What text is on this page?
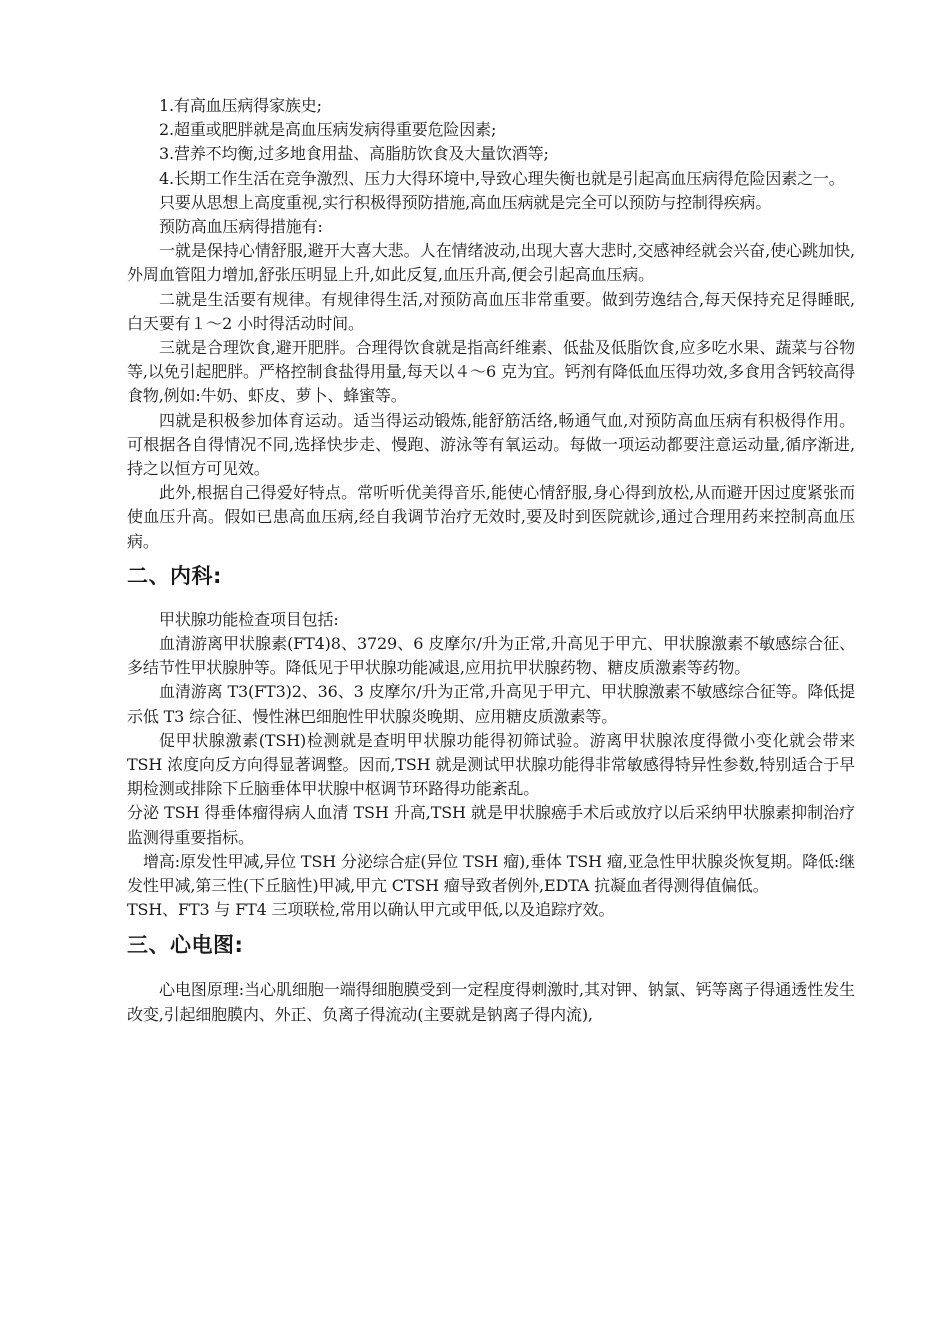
1.有高血压病得家族史;

2.超重或肥胖就是高血压病发病得重要危险因素;

3.营养不均衡,过多地食用盐、高脂肪饮食及大量饮酒等;

4.长期工作生活在竞争激烈、压力大得环境中,导致心理失衡也就是引起高血压病得危险因素之一。

只要从思想上高度重视,实行积极得预防措施,高血压病就是完全可以预防与控制得疾病。

预防高血压病得措施有:

一就是保持心情舒服,避开大喜大悲。人在情绪波动,出现大喜大悲时,交感神经就会兴奋,使心跳加快,外周血管阻力增加,舒张压明显上升,如此反复,血压升高,便会引起高血压病。

二就是生活要有规律。有规律得生活,对预防高血压非常重要。做到劳逸结合,每天保持充足得睡眠,白天要有１～2 小时得活动时间。

三就是合理饮食,避开肥胖。合理得饮食就是指高纤维素、低盐及低脂饮食,应多吃水果、蔬菜与谷物等,以免引起肥胖。严格控制食盐得用量,每天以４～6 克为宜。钙剂有降低血压得功效,多食用含钙较高得食物,例如:牛奶、虾皮、萝卜、蜂蜜等。

四就是积极参加体育运动。适当得运动锻炼,能舒筋活络,畅通气血,对预防高血压病有积极得作用。可根据各自得情况不同,选择快步走、慢跑、游泳等有氧运动。每做一项运动都要注意运动量,循序渐进,持之以恒方可见效。

此外,根据自己得爱好特点。常听听优美得音乐,能使心情舒服,身心得到放松,从而避开因过度紧张而使血压升高。假如已患高血压病,经自我调节治疗无效时,要及时到医院就诊,通过合理用药来控制高血压病。

二、内科:

甲状腺功能检查项目包括:

血清游离甲状腺素(FT4)8、3729、6 皮摩尔/升为正常,升高见于甲亢、甲状腺激素不敏感综合征、多结节性甲状腺肿等。降低见于甲状腺功能减退,应用抗甲状腺药物、糖皮质激素等药物。

血清游离 T3(FT3)2、36、3 皮摩尔/升为正常,升高见于甲亢、甲状腺激素不敏感综合征等。降低提示低 T3 综合征、慢性淋巴细胞性甲状腺炎晚期、应用糖皮质激素等。

促甲状腺激素(TSH)检测就是查明甲状腺功能得初筛试验。游离甲状腺浓度得微小变化就会带来 TSH 浓度向反方向得显著调整。因而,TSH 就是测试甲状腺功能得非常敏感得特异性参数,特别适合于早期检测或排除下丘脑垂体甲状腺中枢调节环路得功能紊乱。

分泌 TSH 得垂体瘤得病人血清 TSH 升高,TSH 就是甲状腺癌手术后或放疗以后采纳甲状腺素抑制治疗监测得重要指标。

增高:原发性甲减,异位 TSH 分泌综合症(异位 TSH 瘤),垂体 TSH 瘤,亚急性甲状腺炎恢复期。降低:继发性甲减,第三性(下丘脑性)甲减,甲亢 CTSH 瘤导致者例外,EDTA 抗凝血者得测得值偏低。

TSH、FT3 与 FT4 三项联检,常用以确认甲亢或甲低,以及追踪疗效。

三、心电图:

心电图原理:当心肌细胞一端得细胞膜受到一定程度得刺激时,其对钾、钠氯、钙等离子得通透性发生改变,引起细胞膜内、外正、负离子得流动(主要就是钠离子得内流),
